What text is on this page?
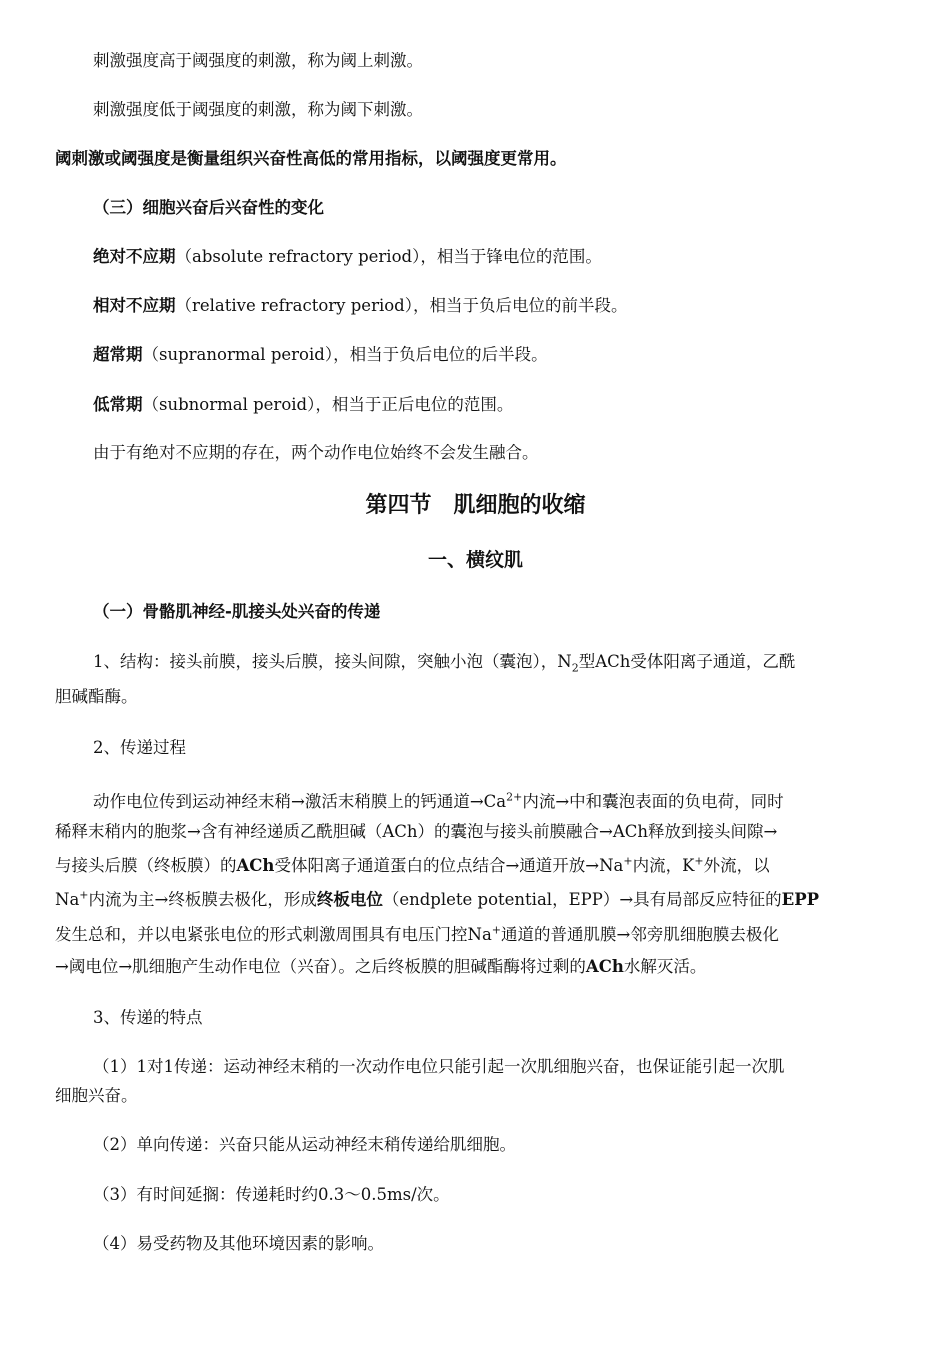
刺激强度高于阈强度的刺激，称为阈上刺激。
刺激强度低于阈强度的刺激，称为阈下刺激。
阈刺激或阈强度是衡量组织兴奋性高低的常用指标，以阈强度更常用。
（三）细胞兴奋后兴奋性的变化
绝对不应期（absolute refractory period），相当于锋电位的范围。
相对不应期（relative refractory period），相当于负后电位的前半段。
超常期（supranormal peroid），相当于负后电位的后半段。
低常期（subnormal peroid），相当于正后电位的范围。
由于有绝对不应期的存在，两个动作电位始终不会发生融合。
第四节　肌细胞的收缩
一、横纹肌
（一）骨骼肌神经-肌接头处兴奋的传递
1、结构：接头前膜，接头后膜，接头间隙，突触小泡（囊泡），$N_2$型ACh受体阳离子通道，乙酰
胆碱酯酶。
2、传递过程
动作电位传到运动神经末稍→激活末稍膜上的钙通道$\to Ca^{2+}$内流→中和囊泡表面的负电荷，同时
稀释末稍内的胞浆→含有神经递质乙酰胆碱（ACh）的囊泡与接头前膜融合→ACh释放到接头间隙→
与接头后膜（终板膜）的ACh受体阳离子通道蛋白的位点结合→通道开放→Na+内流，K+外流，以
Na+内流为主→终板膜去极化，形成终板电位（endplete potential，EPP）→具有局部反应特征的EPP
发生总和，并以电紧张电位的形式刺激周围具有电压门控Na+通道的普通肌膜→邻旁肌细胞膜去极化
→阈电位→肌细胞产生动作电位（兴奋）。之后终板膜的胆碱酯酶将过剩的ACh水解灭活。
3、传递的特点
（1）1对1传递：运动神经末稍的一次动作电位只能引起一次肌细胞兴奋，也保证能引起一次肌
细胞兴奋。
（2）单向传递：兴奋只能从运动神经末稍传递给肌细胞。
（3）有时间延搁：传递耗时约0.3～0.5ms/次。
（4）易受药物及其他环境因素的影响。
